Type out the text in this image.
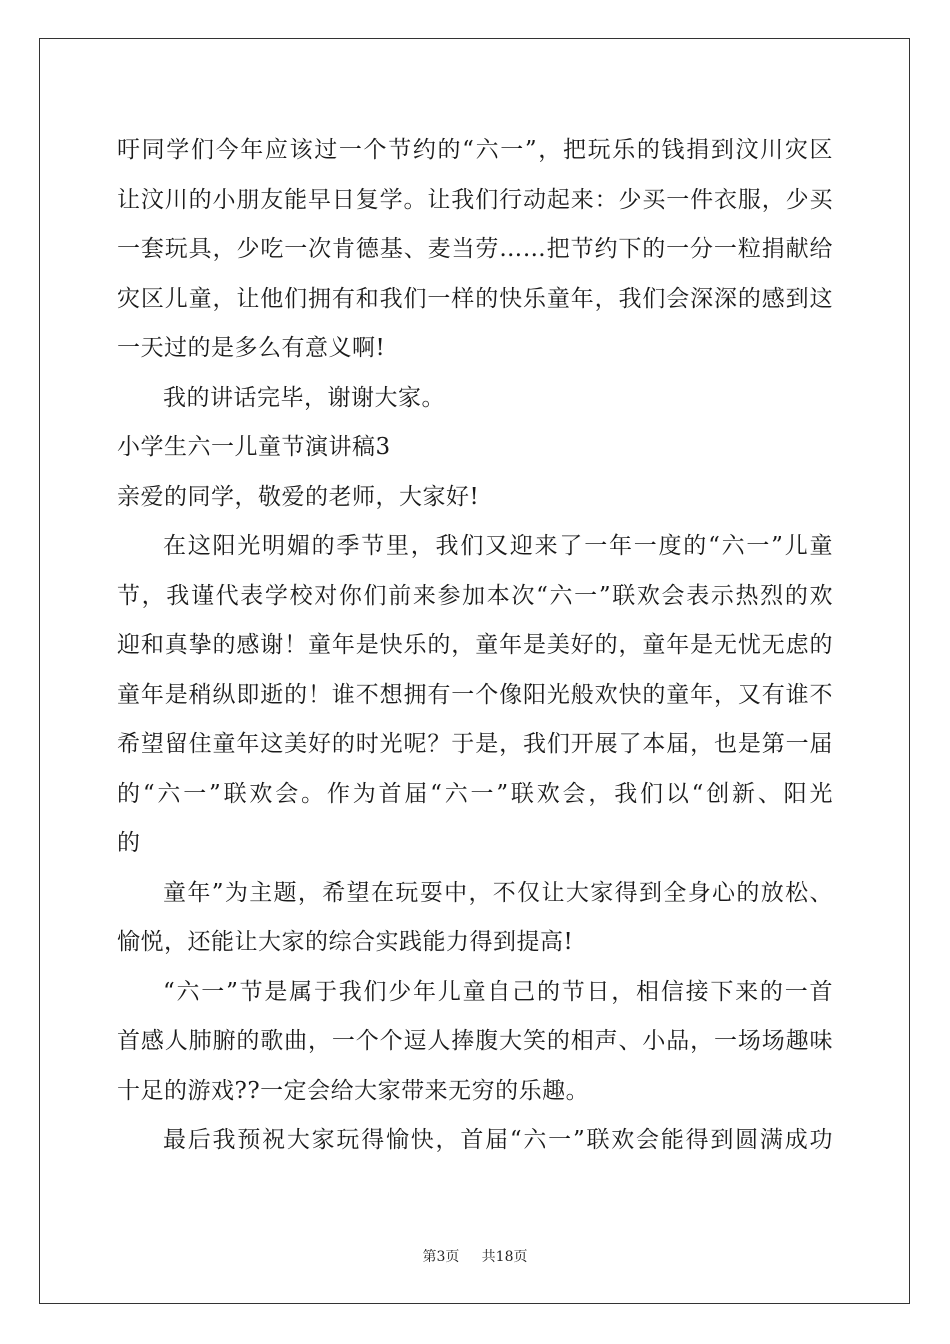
吁同学们今年应该过一个节约的“六一”，把玩乐的钱捐到汶川灾区
让汶川的小朋友能早日复学。让我们行动起来：少买一件衣服，少买
一套玩具，少吃一次肯德基、麦当劳……把节约下的一分一粒捐献给
灾区儿童，让他们拥有和我们一样的快乐童年，我们会深深的感到这
一天过的是多么有意义啊!
我的讲话完毕，谢谢大家。
小学生六一儿童节演讲稿3
亲爱的同学，敬爱的老师，大家好!
在这阳光明媚的季节里，我们又迎来了一年一度的“六一”儿童
节，我谨代表学校对你们前来参加本次“六一”联欢会表示热烈的欢
迎和真挚的感谢！童年是快乐的，童年是美好的，童年是无忧无虑的
童年是稍纵即逝的！谁不想拥有一个像阳光般欢快的童年，又有谁不
希望留住童年这美好的时光呢？于是，我们开展了本届，也是第一届
的“六一”联欢会。作为首届“六一”联欢会，我们以“创新、阳光
的
童年”为主题，希望在玩耍中，不仅让大家得到全身心的放松、
愉悦，还能让大家的综合实践能力得到提高!
“六一”节是属于我们少年儿童自己的节日，相信接下来的一首
首感人肺腑的歌曲，一个个逗人捧腹大笑的相声、小品，一场场趣味
十足的游戏??一定会给大家带来无穷的乐趣。
最后我预祝大家玩得愉快，首届“六一”联欢会能得到圆满成功
第3页 共18页
